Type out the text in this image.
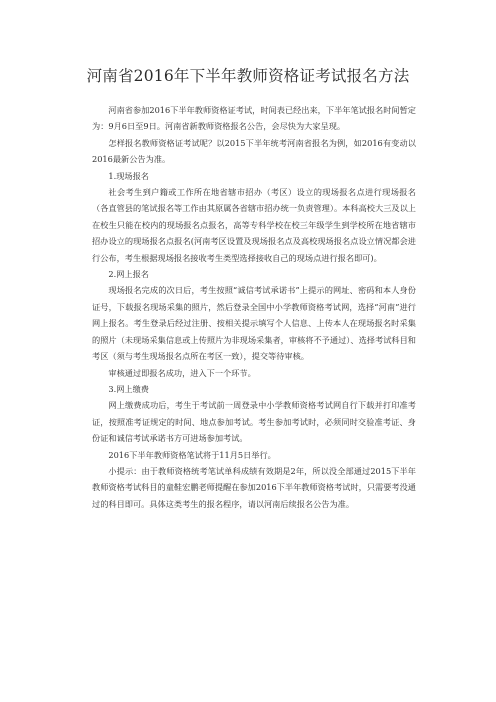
河南省2016年下半年教师资格证考试报名方法

河南省参加2016下半年教师资格证考试，时间表已经出来，下半年笔试报名时间暂定为：9月6日至9日。河南省新教师资格报名公告，会尽快为大家呈现。

怎样报名教师资格证考试呢？以2015下半年统考河南省报名为例，如2016有变动以2016最新公告为准。

1.现场报名

社会考生到户籍或工作所在地省辖市招办（考区）设立的现场报名点进行现场报名（各直管县的笔试报名等工作由其原属各省辖市招办统一负责管理）。本科高校大三及以上在校生只能在校内的现场报名点报名，高等专科学校在校三年级学生到学校所在地省辖市招办设立的现场报名点报名(河南考区设置及现场报名点及高校现场报名点设立情况都会进行公布，考生根据现场报名接收考生类型选择接收自己的现场点进行报名即可)。

2.网上报名

现场报名完成的次日后，考生按照“诚信考试承诺书”上提示的网址、密码和本人身份证号，下载报名现场采集的照片，然后登录全国中小学教师资格考试网，选择“河南”进行网上报名。考生登录后经过注册、按相关提示填写个人信息、上传本人在现场报名时采集的照片（未现场采集信息或上传照片为非现场采集者，审核将不予通过）、选择考试科目和考区（须与考生现场报名点所在考区一致），提交等待审核。

审核通过即报名成功，进入下一个环节。

3.网上缴费

网上缴费成功后，考生于考试前一周登录中小学教师资格考试网自行下载并打印准考证，按照准考证规定的时间、地点参加考试。考生参加考试时，必须同时交验准考证、身份证和诚信考试承诺书方可进场参加考试。

2016下半年教师资格笔试将于11月5日举行。

小提示：由于教师资格统考笔试单科成绩有效期是2年，所以没全部通过2015下半年教师资格考试科目的童鞋宏鹏老师提醒在参加2016下半年教师资格考试时，只需要考没通过的科目即可。具体这类考生的报名程序，请以河南后续报名公告为准。
